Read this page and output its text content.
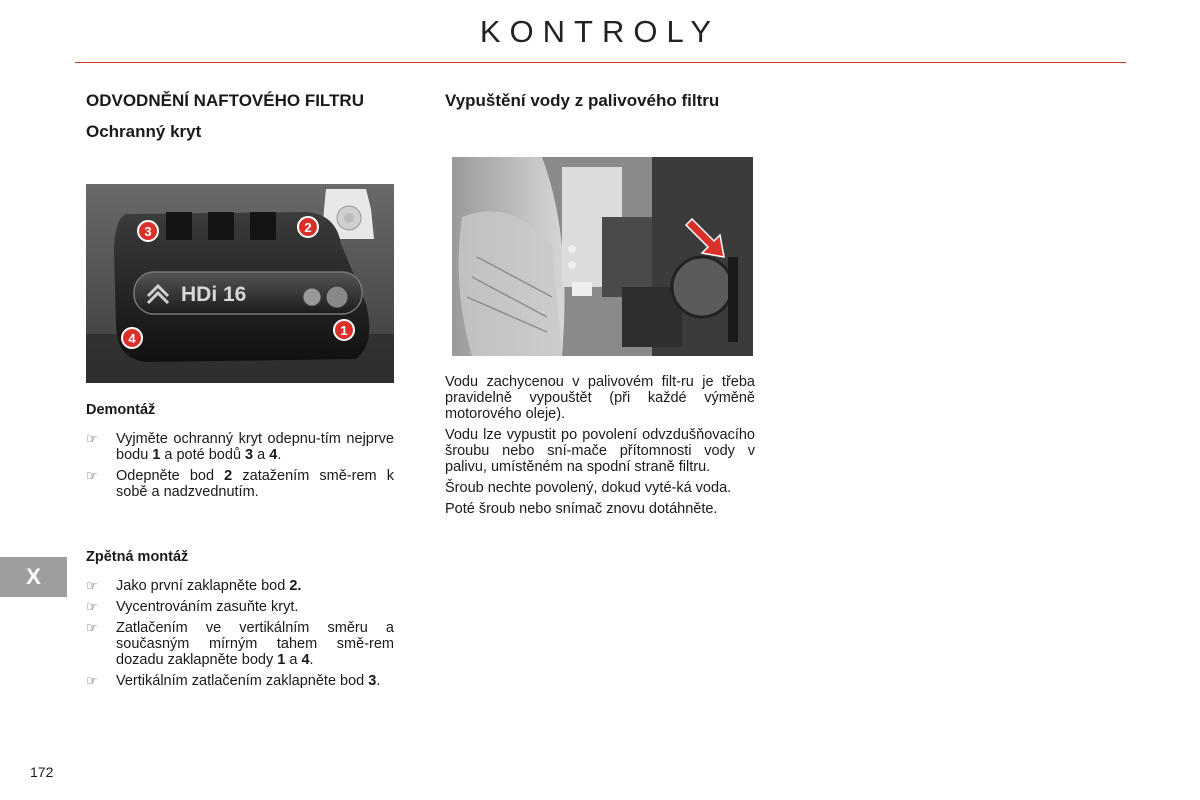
KONTROLY
ODVODNĚNÍ NAFTOVÉHO FILTRU
Ochranný kryt
HDi 16
3	2
4
1
Demontáž
☞ Vyjměte ochranný kryt odepnu-tím nejprve bodu 1 a poté bodů 3 a 4.
☞ Odepněte bod 2 zatažením smě-rem k sobě a nadzvednutím.
Zpětná montáž
☞ Jako první zaklapněte bod 2.
☞ Vycentrováním zasuňte kryt.
☞ Zatlačením ve vertikálním směru a současným mírným tahem smě-rem dozadu zaklapněte body 1 a 4.
☞ Vertikálním zatlačením zaklapněte bod 3.
Vypuštění vody z palivového filtru

Vodu zachycenou v palivovém filt-ru je třeba pravidelně vypouštět (při každé výměně motorového oleje).

Vodu lze vypustit po povolení odvzdušňovacího šroubu nebo sní-mače přítomnosti vody v palivu, umístěném na spodní straně filtru.

Šroub nechte povolený, dokud vyté-ká voda.

Poté šroub nebo snímač znovu dotáhněte.

X
172
